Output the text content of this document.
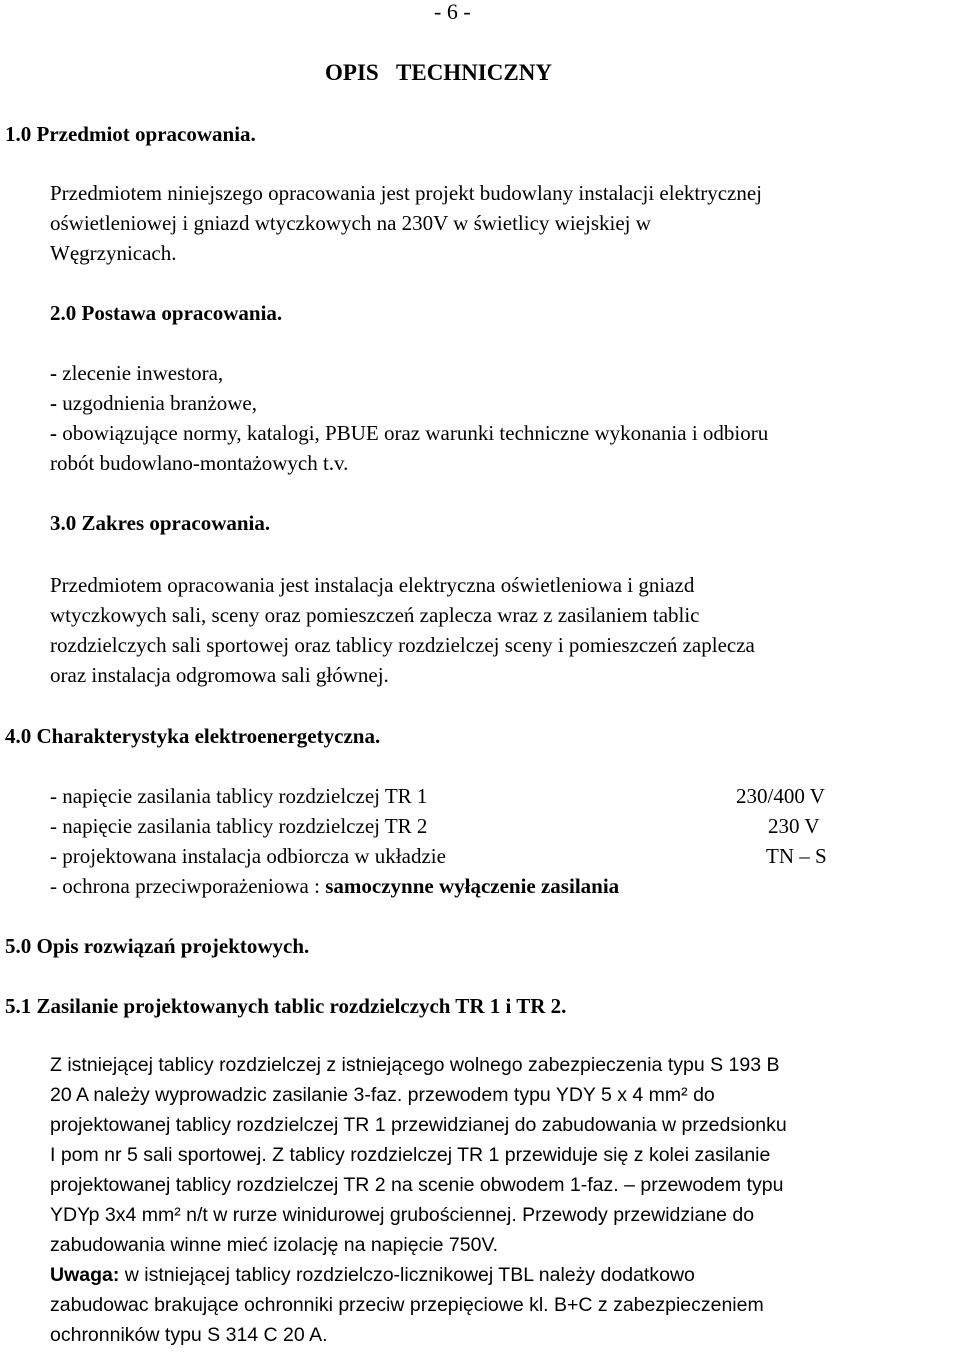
- 6 -
OPIS TECHNICZNY
1.0 Przedmiot opracowania.
Przedmiotem niniejszego opracowania jest projekt budowlany instalacji elektrycznej
oświetleniowej i gniazd wtyczkowych na 230V w świetlicy wiejskiej w
Węgrzynicach.
2.0 Postawa opracowania.
- zlecenie inwestora,
- uzgodnienia branżowe,
- obowiązujące normy, katalogi, PBUE oraz warunki techniczne wykonania i odbioru
robót budowlano-montażowych t.v.
3.0 Zakres opracowania.
Przedmiotem opracowania jest instalacja elektryczna oświetleniowa i gniazd
wtyczkowych sali, sceny oraz pomieszczeń zaplecza wraz z zasilaniem tablic
rozdzielczych sali sportowej oraz tablicy rozdzielczej sceny i pomieszczeń zaplecza
oraz instalacja odgromowa sali głównej.
4.0 Charakterystyka elektroenergetyczna.
- napięcie zasilania tablicy rozdzielczej TR 1	230/400 V
- napięcie zasilania tablicy rozdzielczej TR 2	230 V
- projektowana instalacja odbiorcza w układzie	TN – S
- ochrona przeciwporażeniowa : samoczynne wyłączenie zasilania
5.0 Opis rozwiązań projektowych.
5.1 Zasilanie projektowanych tablic rozdzielczych TR 1 i TR 2.
Z istniejącej tablicy rozdzielczej z istniejącego wolnego zabezpieczenia typu S 193 B
20 A należy wyprowadzic zasilanie 3-faz. przewodem typu YDY 5 x 4 mm² do
projektowanej tablicy rozdzielczej TR 1 przewidzianej do zabudowania w przedsionku
I pom nr 5 sali sportowej. Z tablicy rozdzielczej TR 1 przewiduje się z kolei zasilanie
projektowanej tablicy rozdzielczej TR 2 na scenie obwodem 1-faz. – przewodem typu
YDYp 3x4 mm² n/t w rurze winidurowej grubościennej. Przewody przewidziane do
zabudowania winne mieć izolację na napięcie 750V.
Uwaga: w istniejącej tablicy rozdzielczo-licznikowej TBL należy dodatkowo
zabudowac brakujące ochronniki przeciw przepięciowe kl. B+C z zabezpieczeniem
ochronników typu S 314 C 20 A.
